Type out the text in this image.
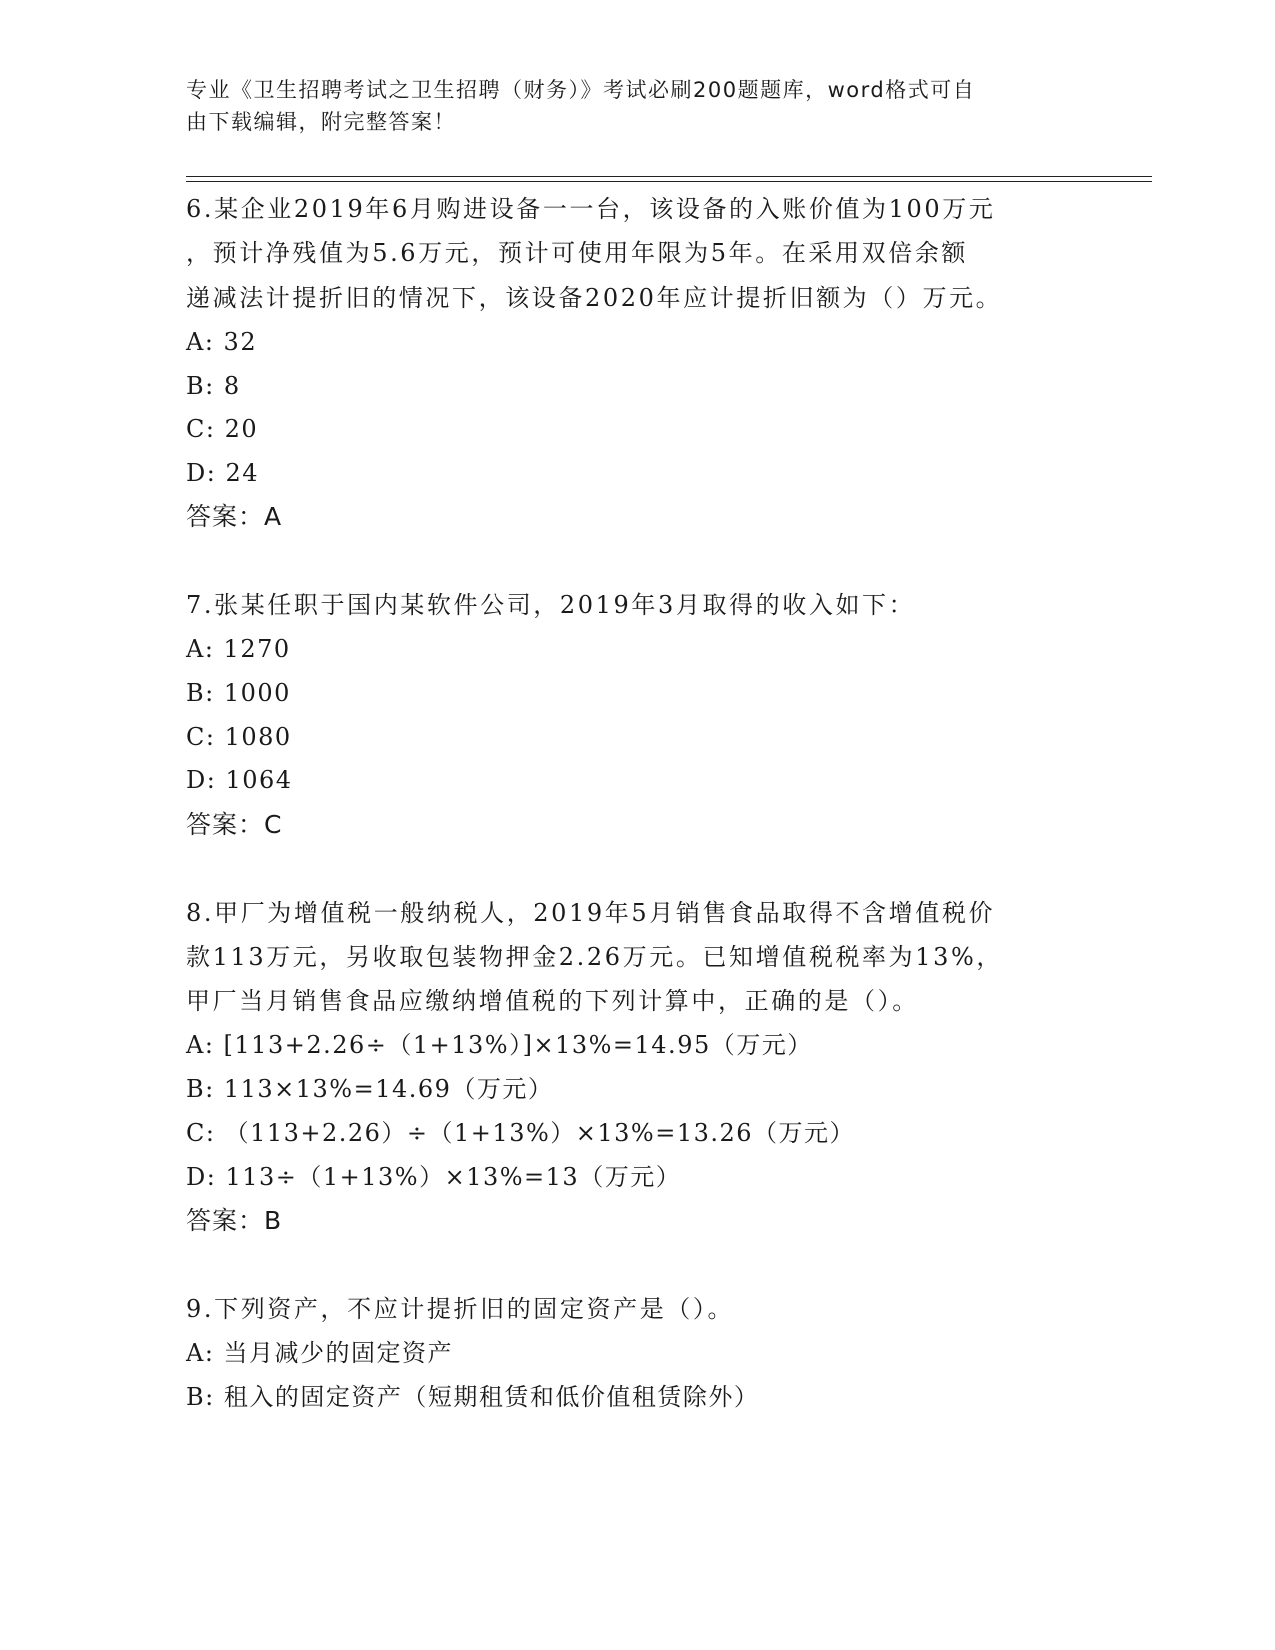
专业《卫生招聘考试之卫生招聘（财务）》考试必刷200题题库，word格式可自
由下载编辑，附完整答案！
6.某企业2019年6月购进设备一一台，该设备的入账价值为100万元
，预计净残值为5.6万元，预计可使用年限为5年。在采用双倍余额
递减法计提折旧的情况下，该设备2020年应计提折旧额为（）万元。
A: 32
B: 8
C: 20
D: 24
答案：A
7.张某任职于国内某软件公司，2019年3月取得的收入如下：
A: 1270
B: 1000
C: 1080
D: 1064
答案：C
8.甲厂为增值税一般纳税人，2019年5月销售食品取得不含增值税价
款113万元，另收取包装物押金2.26万元。已知增值税税率为13%，
甲厂当月销售食品应缴纳增值税的下列计算中，正确的是（）。
A: [113+2.26÷（1+13%）]×13%=14.95（万元）
B: 113×13%=14.69（万元）
C: （113+2.26）÷（1+13%）×13%=13.26（万元）
D: 113÷（1+13%）×13%=13（万元）
答案：B
9.下列资产，不应计提折旧的固定资产是（）。
A: 当月减少的固定资产
B: 租入的固定资产（短期租赁和低价值租赁除外）
